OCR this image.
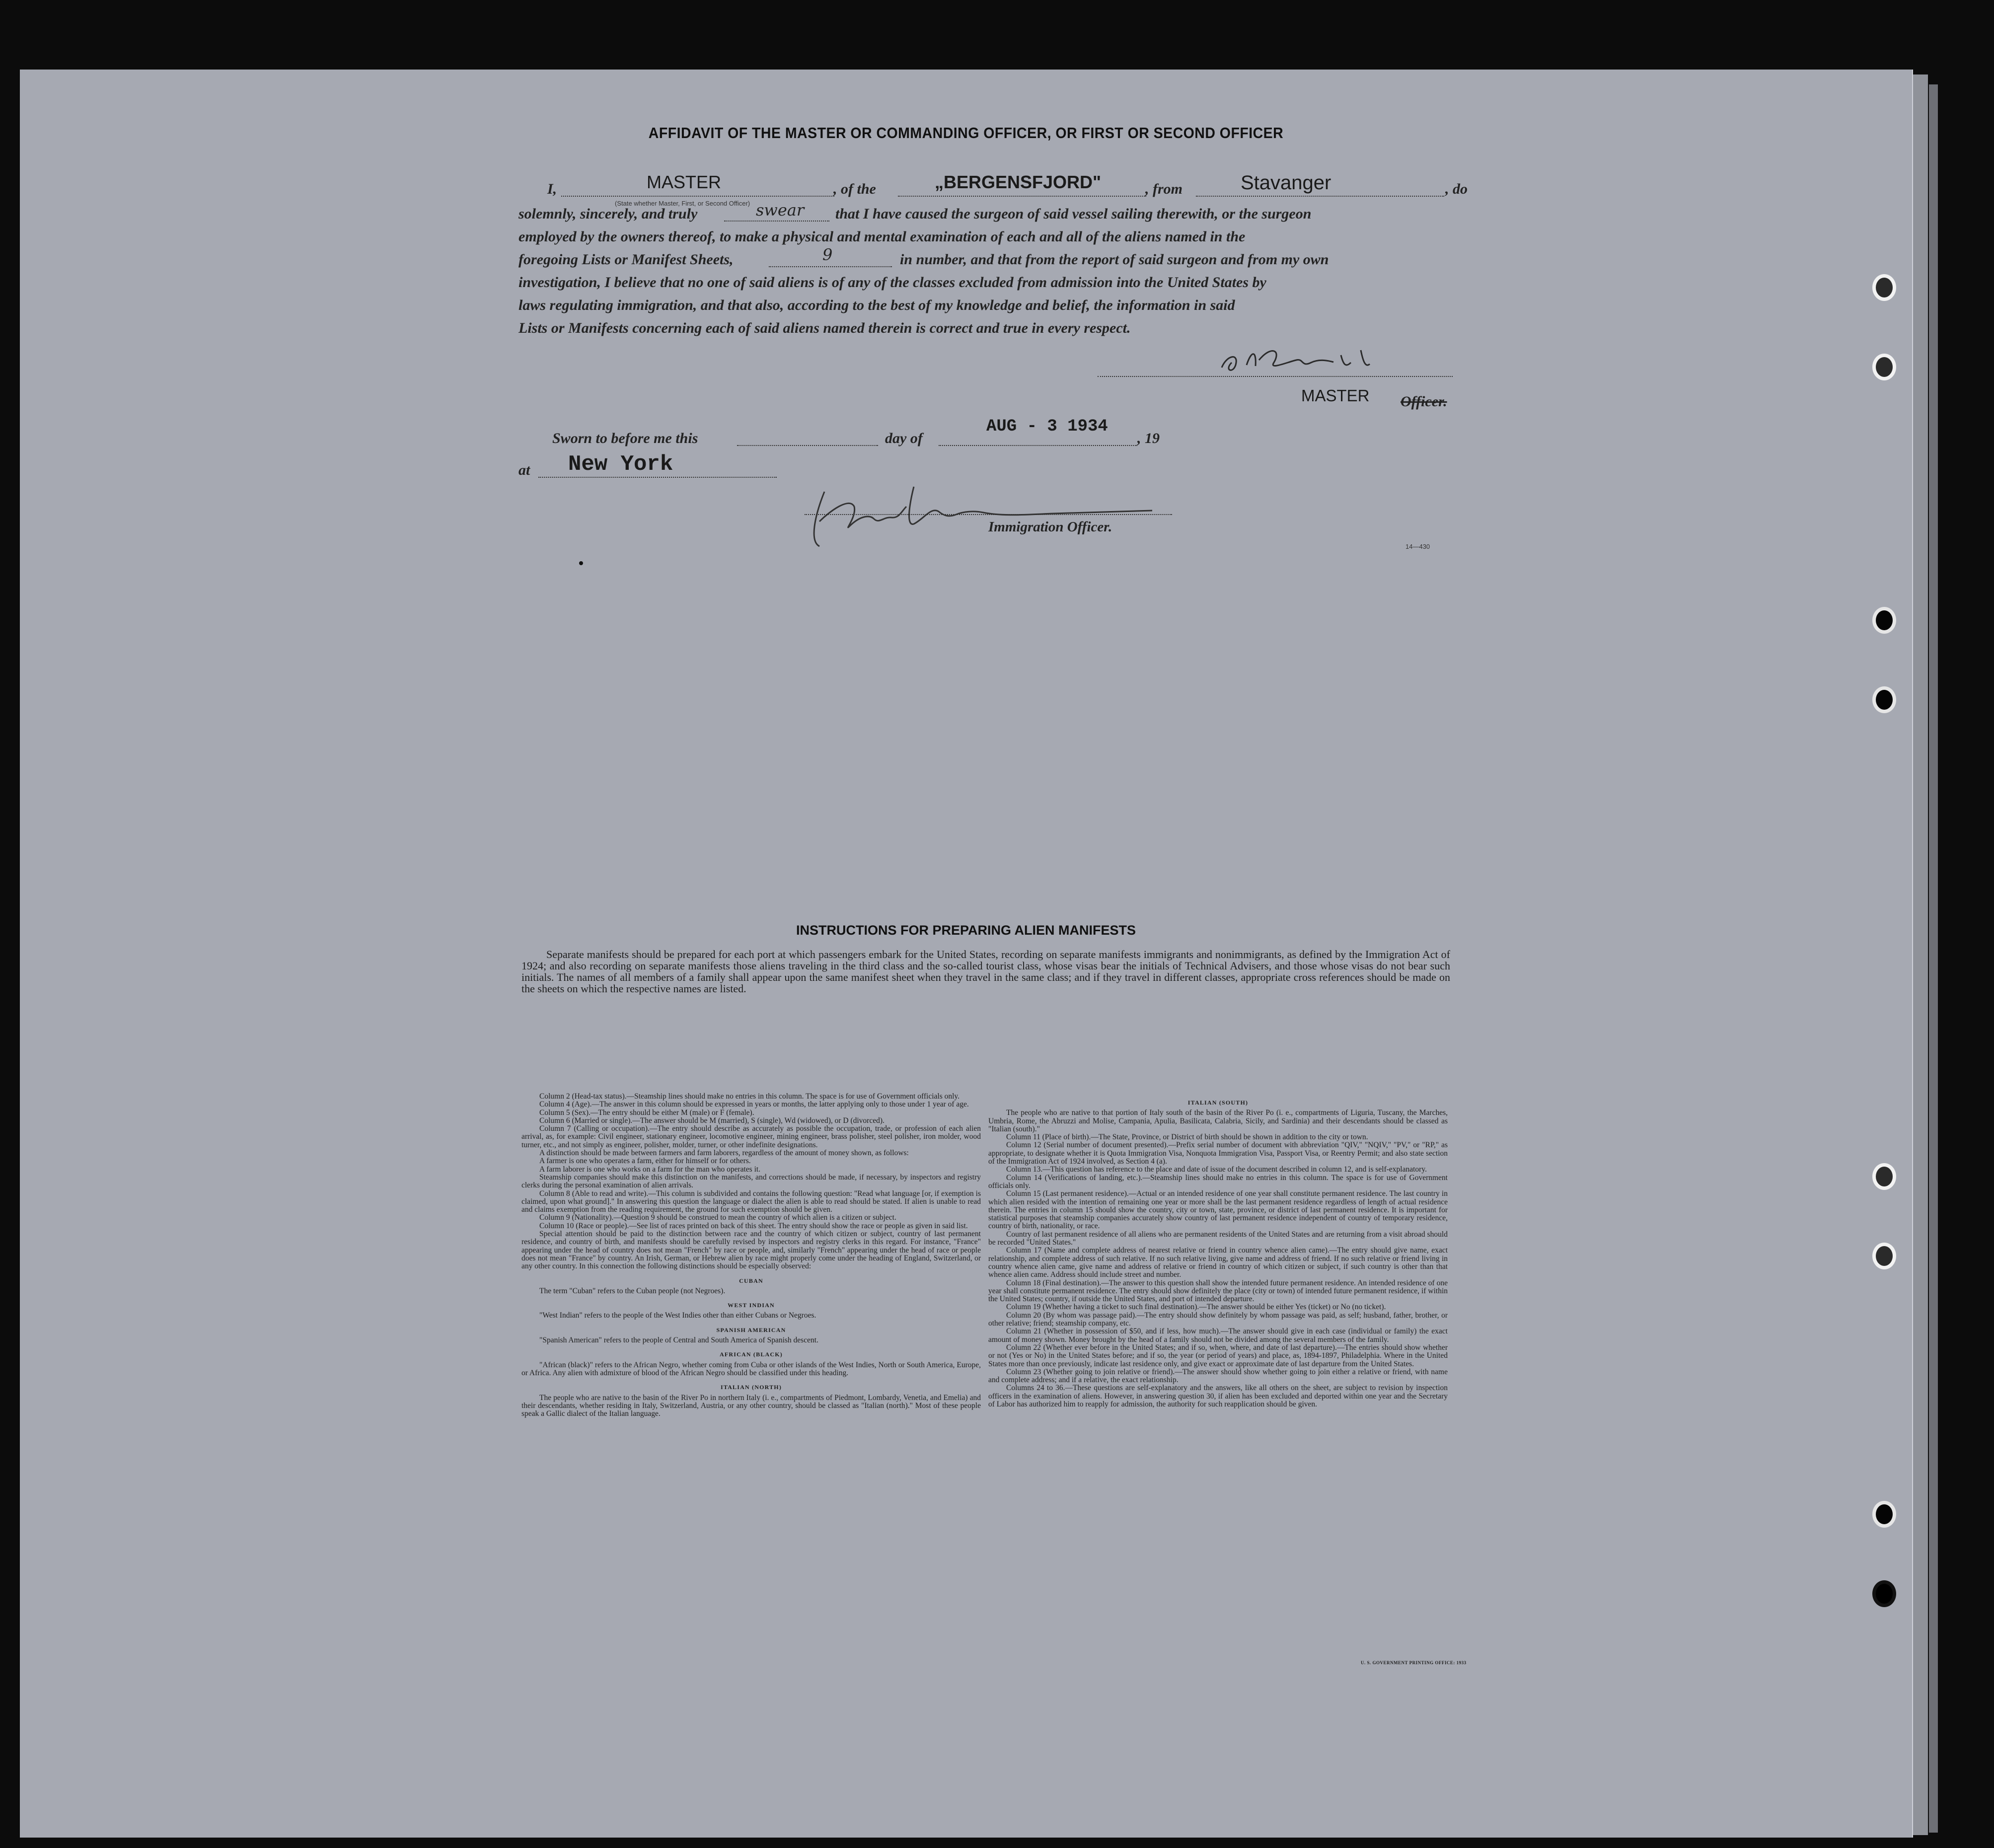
AFFIDAVIT OF THE MASTER OR COMMANDING OFFICER, OR FIRST OR SECOND OFFICER
I,	MASTER	, of the	„BERGENSFJORD"	, from	Stavanger	, do
(State whether Master, First, or Second Officer)
solemnly, sincerely, and truly	swear that I have caused the surgeon of said vessel sailing therewith, or the surgeon
employed by the owners thereof, to make a physical and mental examination of each and all of the aliens named in the
foregoing Lists or Manifest Sheets,	9	in number, and that from the report of said surgeon and from my own
investigation, I believe that no one of said aliens is of any of the classes excluded from admission into the United States by
laws regulating immigration, and that also, according to the best of my knowledge and belief, the information in said
Lists or Manifests concerning each of said aliens named therein is correct and true in every respect.
MASTER Officer.
Sworn to before me this	day of
AUG - 3 1934
, 19
at New York
Immigration Officer.
14—430
INSTRUCTIONS FOR PREPARING ALIEN MANIFESTS
Separate manifests should be prepared for each port at which passengers embark for the United States, recording on separate manifests immigrants and nonimmigrants, as defined by the Immigration Act of 1924; and also recording on separate manifests those aliens traveling in the third class and the so-called tourist class, whose visas bear the initials of Technical Advisers, and those whose visas do not bear such initials. The names of all members of a family shall appear upon the same manifest sheet when they travel in the same class; and if they travel in different classes, appropriate cross references should be made on the sheets on which the respective names are listed.

Column 2 (Head-tax status).—Steamship lines should make no entries in this column. The space is for use of Government officials only.

Column 4 (Age).—The answer in this column should be expressed in years or months, the latter applying only to those under 1 year of age.

Column 5 (Sex).—The entry should be either M (male) or F (female).

Column 6 (Married or single).—The answer should be M (married), S (single), Wd (widowed), or D (divorced).

Column 7 (Calling or occupation).—The entry should describe as accurately as possible the occupation, trade, or profession of each alien arrival, as, for example: Civil engineer, stationary engineer, locomotive engineer, mining engineer, brass polisher, steel polisher, iron molder, wood turner, etc., and not simply as engineer, polisher, molder, turner, or other indefinite designations.

A distinction should be made between farmers and farm laborers, regardless of the amount of money shown, as follows:

A farmer is one who operates a farm, either for himself or for others.

A farm laborer is one who works on a farm for the man who operates it.

Steamship companies should make this distinction on the manifests, and corrections should be made, if necessary, by inspectors and registry clerks during the personal examination of alien arrivals.

Column 8 (Able to read and write).—This column is subdivided and contains the following question: "Read what language [or, if exemption is claimed, upon what ground]." In answering this question the language or dialect the alien is able to read should be stated. If alien is unable to read and claims exemption from the reading requirement, the ground for such exemption should be given.

Column 9 (Nationality).—Question 9 should be construed to mean the country of which alien is a citizen or subject.

Column 10 (Race or people).—See list of races printed on back of this sheet. The entry should show the race or people as given in said list.

Special attention should be paid to the distinction between race and the country of which citizen or subject, country of last permanent residence, and country of birth, and manifests should be carefully revised by inspectors and registry clerks in this regard. For instance, "France" appearing under the head of country does not mean "French" by race or people, and, similarly "French" appearing under the head of race or people does not mean "France" by country. An Irish, German, or Hebrew alien by race might properly come under the heading of England, Switzerland, or any other country. In this connection the following distinctions should be especially observed:

CUBAN

The term "Cuban" refers to the Cuban people (not Negroes).

WEST INDIAN

"West Indian" refers to the people of the West Indies other than either Cubans or Negroes.

SPANISH AMERICAN

"Spanish American" refers to the people of Central and South America of Spanish descent.

AFRICAN (BLACK)

"African (black)" refers to the African Negro, whether coming from Cuba or other islands of the West Indies, North or South America, Europe, or Africa. Any alien with admixture of blood of the African Negro should be classified under this heading.

ITALIAN (NORTH)

The people who are native to the basin of the River Po in northern Italy (i. e., compartments of Piedmont, Lombardy, Venetia, and Emelia) and their descendants, whether residing in Italy, Switzerland, Austria, or any other country, should be classed as "Italian (north)." Most of these people speak a Gallic dialect of the Italian language.

ITALIAN (SOUTH)

The people who are native to that portion of Italy south of the basin of the River Po (i. e., compartments of Liguria, Tuscany, the Marches, Umbria, Rome, the Abruzzi and Molise, Campania, Apulia, Basilicata, Calabria, Sicily, and Sardinia) and their descendants should be classed as "Italian (south)."

Column 11 (Place of birth).—The State, Province, or District of birth should be shown in addition to the city or town.

Column 12 (Serial number of document presented).—Prefix serial number of document with abbreviation "QIV," "NQIV," "PV," or "RP," as appropriate, to designate whether it is Quota Immigration Visa, Nonquota Immigration Visa, Passport Visa, or Reentry Permit; and also state section of the Immigration Act of 1924 involved, as Section 4 (a).

Column 13.—This question has reference to the place and date of issue of the document described in column 12, and is self-explanatory.

Column 14 (Verifications of landing, etc.).—Steamship lines should make no entries in this column. The space is for use of Government officials only.

Column 15 (Last permanent residence).—Actual or an intended residence of one year shall constitute permanent residence. The last country in which alien resided with the intention of remaining one year or more shall be the last permanent residence regardless of length of actual residence therein. The entries in column 15 should show the country, city or town, state, province, or district of last permanent residence. It is important for statistical purposes that steamship companies accurately show country of last permanent residence independent of country of temporary residence, country of birth, nationality, or race.

Country of last permanent residence of all aliens who are permanent residents of the United States and are returning from a visit abroad should be recorded "United States."

Column 17 (Name and complete address of nearest relative or friend in country whence alien came).—The entry should give name, exact relationship, and complete address of such relative. If no such relative living, give name and address of friend. If no such relative or friend living in country whence alien came, give name and address of relative or friend in country of which citizen or subject, if such country is other than that whence alien came. Address should include street and number.

Column 18 (Final destination).—The answer to this question shall show the intended future permanent residence. An intended residence of one year shall constitute permanent residence. The entry should show definitely the place (city or town) of intended future permanent residence, if within the United States; country, if outside the United States, and port of intended departure.

Column 19 (Whether having a ticket to such final destination).—The answer should be either Yes (ticket) or No (no ticket).

Column 20 (By whom was passage paid).—The entry should show definitely by whom passage was paid, as self; husband, father, brother, or other relative; friend; steamship company, etc.

Column 21 (Whether in possession of $50, and if less, how much).—The answer should give in each case (individual or family) the exact amount of money shown. Money brought by the head of a family should not be divided among the several members of the family.

Column 22 (Whether ever before in the United States; and if so, when, where, and date of last departure).—The entries should show whether or not (Yes or No) in the United States before; and if so, the year (or period of years) and place, as, 1894-1897, Philadelphia. Where in the United States more than once previously, indicate last residence only, and give exact or approximate date of last departure from the United States.

Column 23 (Whether going to join relative or friend).—The answer should show whether going to join either a relative or friend, with name and complete address; and if a relative, the exact relationship.

Columns 24 to 36.—These questions are self-explanatory and the answers, like all others on the sheet, are subject to revision by inspection officers in the examination of aliens. However, in answering question 30, if alien has been excluded and deported within one year and the Secretary of Labor has authorized him to reapply for admission, the authority for such reapplication should be given.

U. S. GOVERNMENT PRINTING OFFICE: 1933
